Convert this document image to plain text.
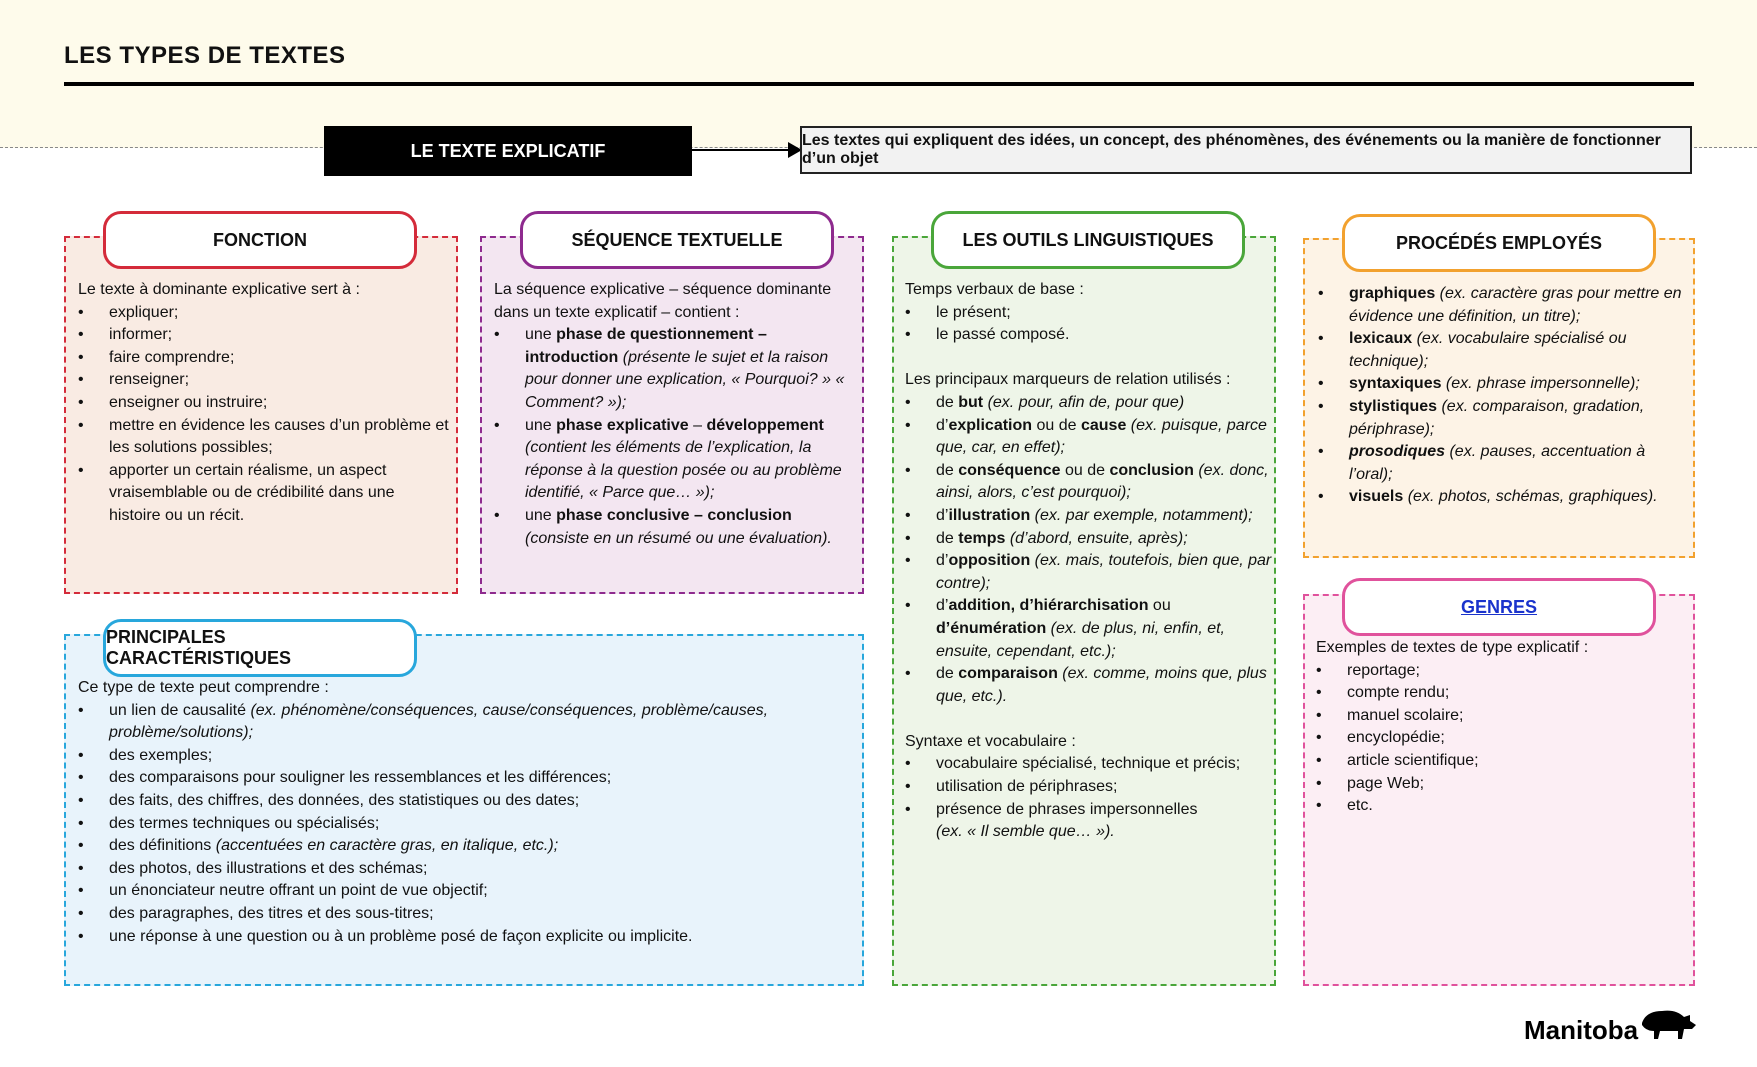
LES TYPES DE TEXTES
LE TEXTE EXPLICATIF	Les textes qui expliquent des idées, un concept, des phénomènes, des événements ou la manière de fonctionner d’un objet
FONCTION

Le texte à dominante explicative sert à :

• expliquer;
• informer;
• faire comprendre;
• renseigner;
• enseigner ou instruire;
• mettre en évidence les causes d’un problème et les solutions possibles;
• apporter un certain réalisme, un aspect vraisemblable ou de crédibilité dans une histoire ou un récit.
SÉQUENCE TEXTUELLE

La séquence explicative – séquence dominante dans un texte explicatif – contient :

• une phase de questionnement – introduction (présente le sujet et la raison pour donner une explication, « Pourquoi? » « Comment? »);
• une phase explicative – développement (contient les éléments de l’explication, la réponse à la question posée ou au problème identifié, « Parce que… »);
• une phase conclusive – conclusion (consiste en un résumé ou une évaluation).
PRINCIPALES CARACTÉRISTIQUES

Ce type de texte peut comprendre :

• un lien de causalité (ex. phénomène/conséquences, cause/conséquences, problème/causes, problème/solutions);
• des exemples;
• des comparaisons pour souligner les ressemblances et les différences;
• des faits, des chiffres, des données, des statistiques ou des dates;
• des termes techniques ou spécialisés;
• des définitions (accentuées en caractère gras, en italique, etc.);
• des photos, des illustrations et des schémas;
• un énonciateur neutre offrant un point de vue objectif;
• des paragraphes, des titres et des sous-titres;
• une réponse à une question ou à un problème posé de façon explicite ou implicite.
LES OUTILS LINGUISTIQUES

Temps verbaux de base :

• le présent;
• le passé composé.

Les principaux marqueurs de relation utilisés :

• de but (ex. pour, afin de, pour que)
• d’explication ou de cause (ex. puisque, parce que, car, en effet);
• de conséquence ou de conclusion (ex. donc, ainsi, alors, c’est pourquoi);
• d’illustration (ex. par exemple, notamment);
• de temps (d’abord, ensuite, après);
• d’opposition (ex. mais, toutefois, bien que, par contre);
• d’addition, d’hiérarchisation ou d’énumération (ex. de plus, ni, enfin, et, ensuite, cependant, etc.);
• de comparaison (ex. comme, moins que, plus que, etc.).

Syntaxe et vocabulaire :

• vocabulaire spécialisé, technique et précis;
• utilisation de périphrases;
• présence de phrases impersonnelles
(ex. « Il semble que… »).
PROCÉDÉS EMPLOYÉS
• graphiques (ex. caractère gras pour mettre en évidence une définition, un titre);
• lexicaux (ex. vocabulaire spécialisé ou technique);
• syntaxiques (ex. phrase impersonnelle);
• stylistiques (ex. comparaison, gradation, périphrase);
• prosodiques (ex. pauses, accentuation à l’oral);
• visuels (ex. photos, schémas, graphiques).
GENRES

Exemples de textes de type explicatif :

• reportage;
• compte rendu;
• manuel scolaire;
• encyclopédie;
• article scientifique;
• page Web;
• etc.
Manitoba
